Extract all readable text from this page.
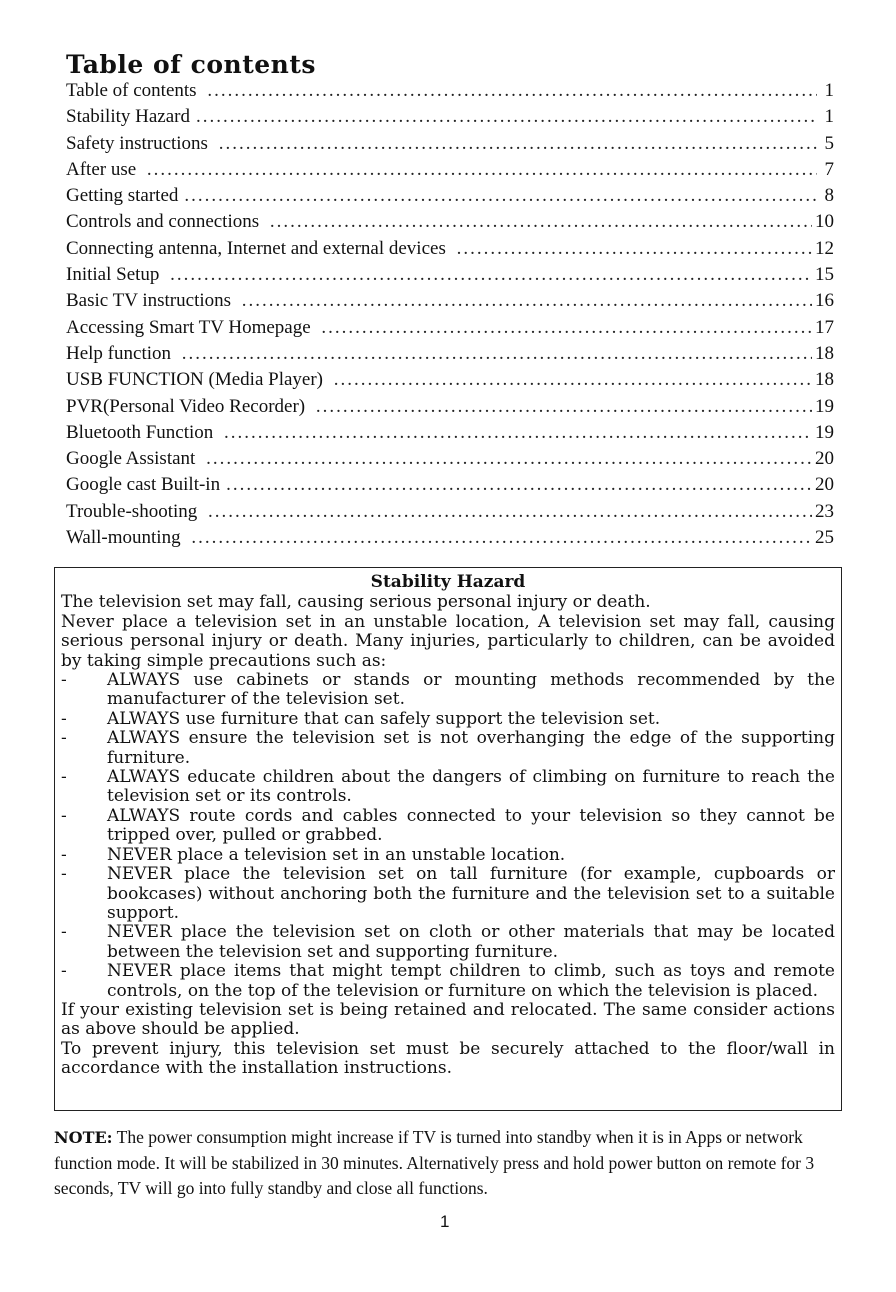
Table of contents
Table of contents .....	1
Stability Hazard .....	1
Safety instructions .....	5
After use .....	7
Getting started .....	8
Controls and connections .....	10
Connecting antenna, Internet and external devices .....	12
Initial Setup .....	15
Basic TV instructions .....	16
Accessing Smart TV Homepage .....	17
Help function .....	18
USB FUNCTION (Media Player) .....	18
PVR(Personal Video Recorder) .....	19
Bluetooth Function .....	19
Google Assistant .....	20
Google cast Built-in .....	20
Trouble-shooting .....	23
Wall-mounting .....	25

Stability Hazard

The television set may fall, causing serious personal injury or death.

Never place a television set in an unstable location, A television set may fall, causing serious personal injury or death. Many injuries, particularly to children, can be avoided by taking simple precautions such as:

-	ALWAYS use cabinets or stands or mounting methods recommended by the manufacturer of the television set.
-	ALWAYS use furniture that can safely support the television set.
-	ALWAYS ensure the television set is not overhanging the edge of the supporting furniture.
-	ALWAYS educate children about the dangers of climbing on furniture to reach the television set or its controls.
-	ALWAYS route cords and cables connected to your television so they cannot be tripped over, pulled or grabbed.
-	NEVER place a television set in an unstable location.
-	NEVER place the television set on tall furniture (for example, cupboards or bookcases) without anchoring both the furniture and the television set to a suitable support.
-	NEVER place the television set on cloth or other materials that may be located between the television set and supporting furniture.
-	NEVER place items that might tempt children to climb, such as toys and remote controls, on the top of the television or furniture on which the television is placed.

If your existing television set is being retained and relocated. The same consider actions as above should be applied.

To prevent injury, this television set must be securely attached to the floor/wall in accordance with the installation instructions.

NOTE: The power consumption might increase if TV is turned into standby when it is in Apps or network function mode. It will be stabilized in 30 minutes. Alternatively press and hold power button on remote for 3 seconds, TV will go into fully standby and close all functions.
1
